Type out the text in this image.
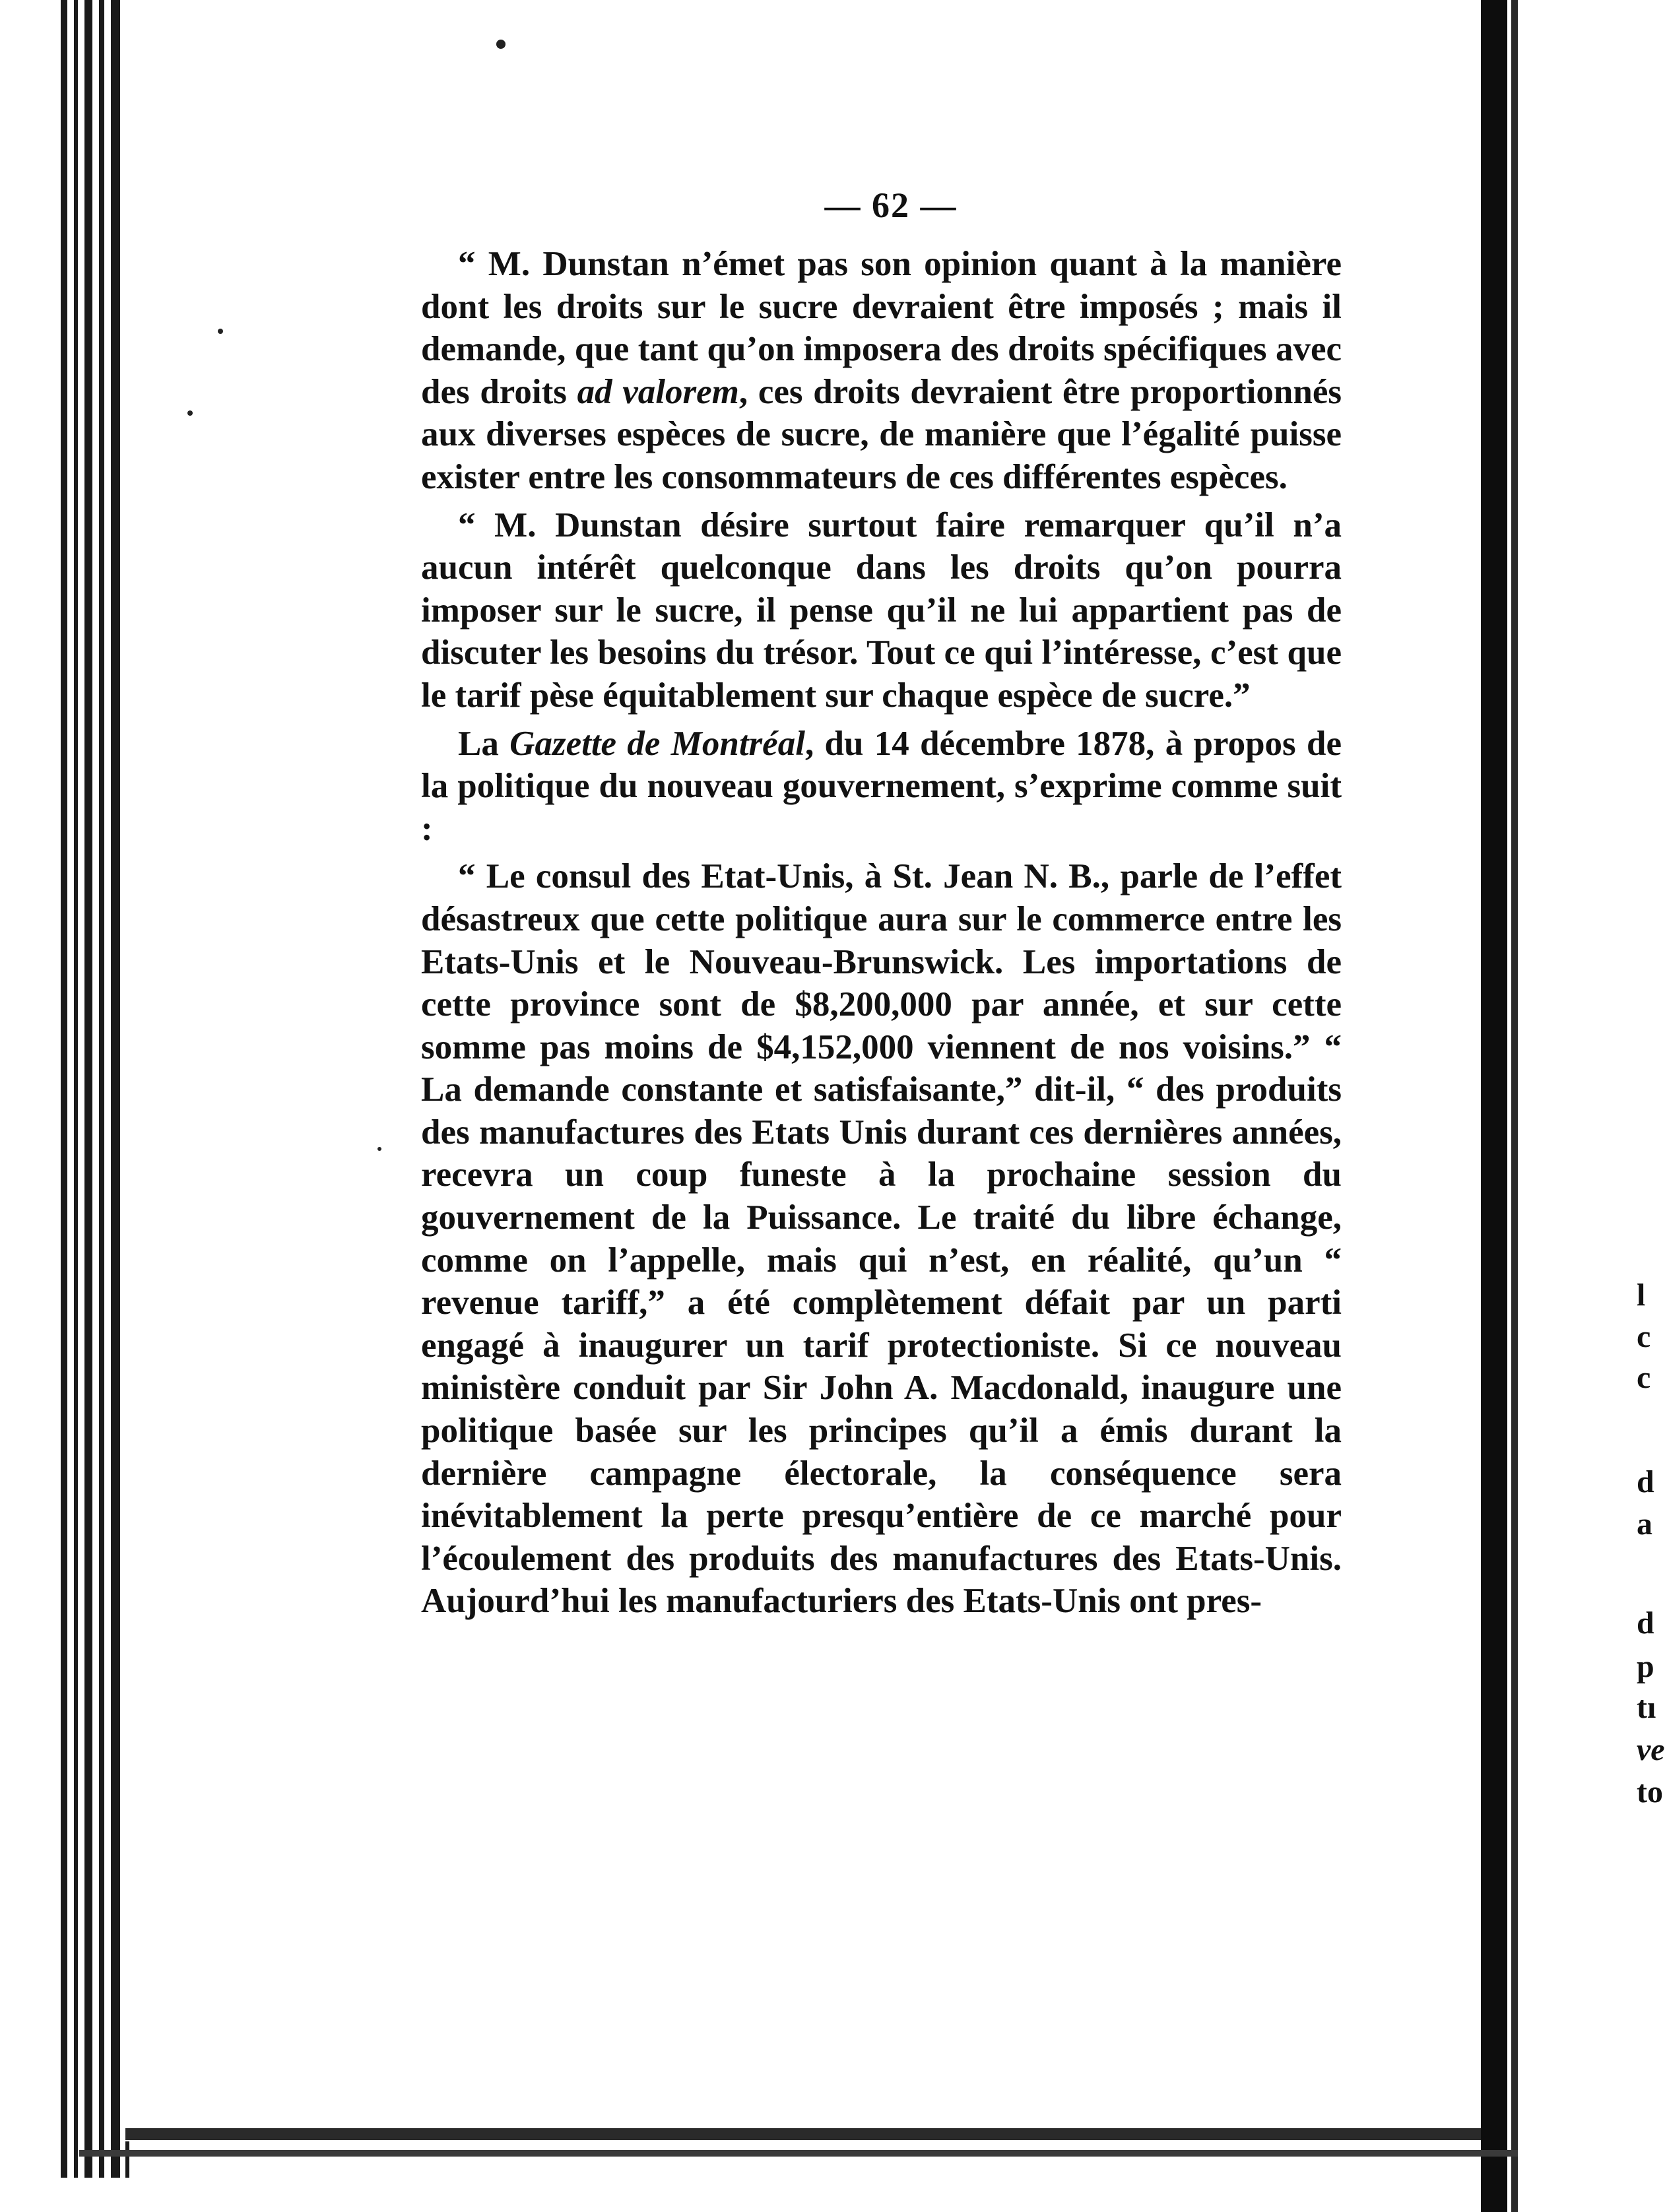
l
c
c
d
a
d
p
tı
ve
to
— 62 —

“ M. Dunstan n’émet pas son opinion quant à la manière dont les droits sur le sucre devraient être imposés ; mais il demande, que tant qu’on imposera des droits spécifiques avec des droits ad valorem, ces droits devraient être proportionnés aux diverses espèces de sucre, de manière que l’égalité puisse exister entre les consommateurs de ces différentes espèces.

“ M. Dunstan désire surtout faire remarquer qu’il n’a aucun intérêt quelconque dans les droits qu’on pourra imposer sur le sucre, il pense qu’il ne lui appartient pas de discuter les besoins du trésor. Tout ce qui l’intéresse, c’est que le tarif pèse équitablement sur chaque espèce de sucre.”

La Gazette de Montréal, du 14 décembre 1878, à propos de la politique du nouveau gouvernement, s’exprime comme suit :

“ Le consul des Etat-Unis, à St. Jean N. B., parle de l’effet désastreux que cette politique aura sur le commerce entre les Etats-Unis et le Nouveau-Brunswick. Les importations de cette province sont de $8,200,000 par année, et sur cette somme pas moins de $4,152,000 viennent de nos voisins.” “ La demande constante et satisfaisante,” dit-il, “ des produits des manufactures des Etats Unis durant ces dernières années, recevra un coup funeste à la prochaine session du gouvernement de la Puissance. Le traité du libre échange, comme on l’appelle, mais qui n’est, en réalité, qu’un “ revenue tariff,” a été complètement défait par un parti engagé à inaugurer un tarif protectioniste. Si ce nouveau ministère conduit par Sir John A. Macdonald, inaugure une politique basée sur les principes qu’il a émis durant la dernière campagne électorale, la conséquence sera inévitablement la perte presqu’entière de ce marché pour l’écoulement des produits des manufactures des Etats-Unis. Aujourd’hui les manufacturiers des Etats-Unis ont pres-
